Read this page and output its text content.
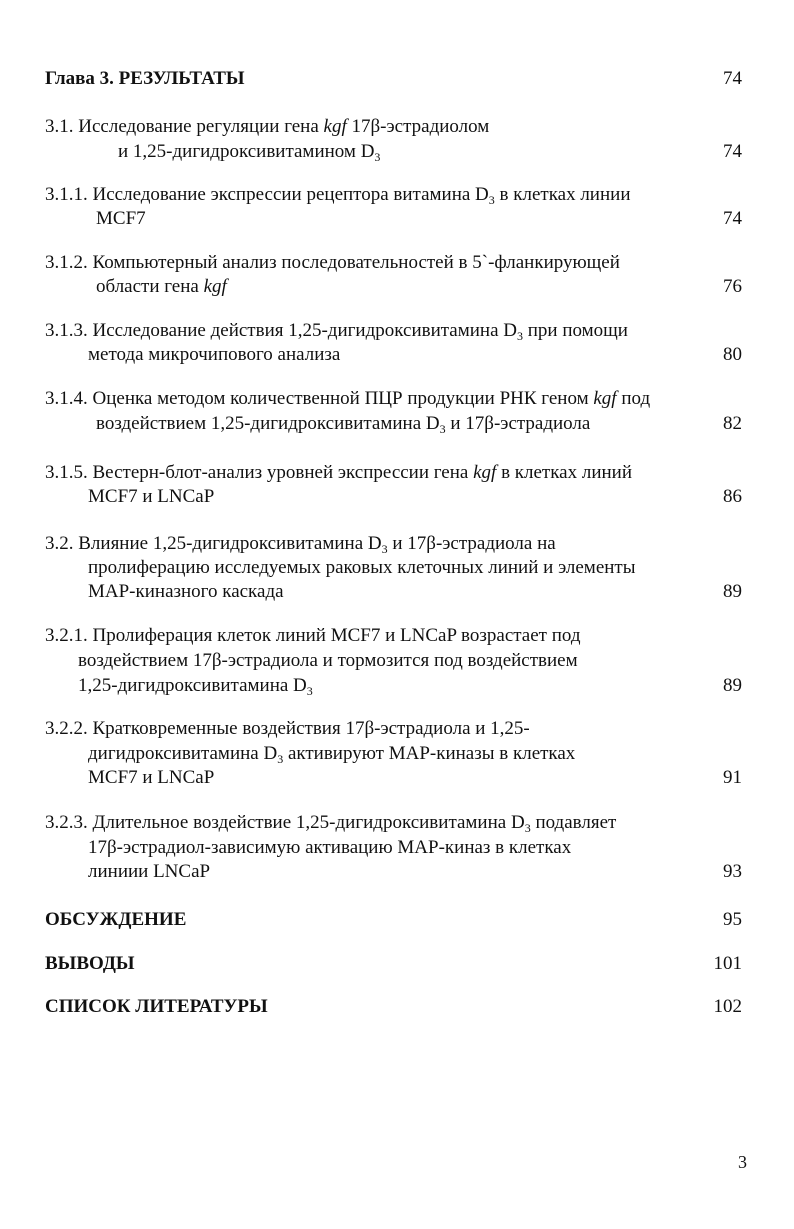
Глава 3. РЕЗУЛЬТАТЫ	74
3.1. Исследование регуляции гена kgf 17β-эстрадиолом
и 1,25-дигидроксивитамином $D_3$	74
3.1.1. Исследование экспрессии рецептора витамина $D_3$ в клетках линии
MCF7	74
3.1.2. Компьютерный анализ последовательностей в 5`-фланкирующей
области гена kgf	76
3.1.3. Исследование действия 1,25-дигидроксивитамина $D_3$ при помощи
метода микрочипового анализа	80
3.1.4. Оценка методом количественной ПЦР продукции РНК геном kgf под
воздействием 1,25-дигидроксивитамина $D_3$ и 17β-эстрадиола	82
3.1.5. Вестерн-блот-анализ уровней экспрессии гена kgf в клетках линий
MCF7 и LNCaP	86
3.2. Влияние 1,25-дигидроксивитамина $D_3$ и 17β-эстрадиола на
пролиферацию исследуемых раковых клеточных линий и элементы
МАР-киназного каскада	89
3.2.1. Пролиферация клеток линий MCF7 и LNCaP возрастает под
воздействием 17β-эстрадиола и тормозится под воздействием
1,25-дигидроксивитамина $D_3$	89
3.2.2. Кратковременные воздействия 17β-эстрадиола и 1,25-
дигидроксивитамина $D_3$ активируют МАР-киназы в клетках
MCF7 и LNCaP	91
3.2.3. Длительное воздействие 1,25-дигидроксивитамина $D_3$ подавляет
17β-эстрадиол-зависимую активацию МАР-киназ в клетках
линиии LNCaP	93
ОБСУЖДЕНИЕ	95
ВЫВОДЫ	101
СПИСОК ЛИТЕРАТУРЫ	102
3
